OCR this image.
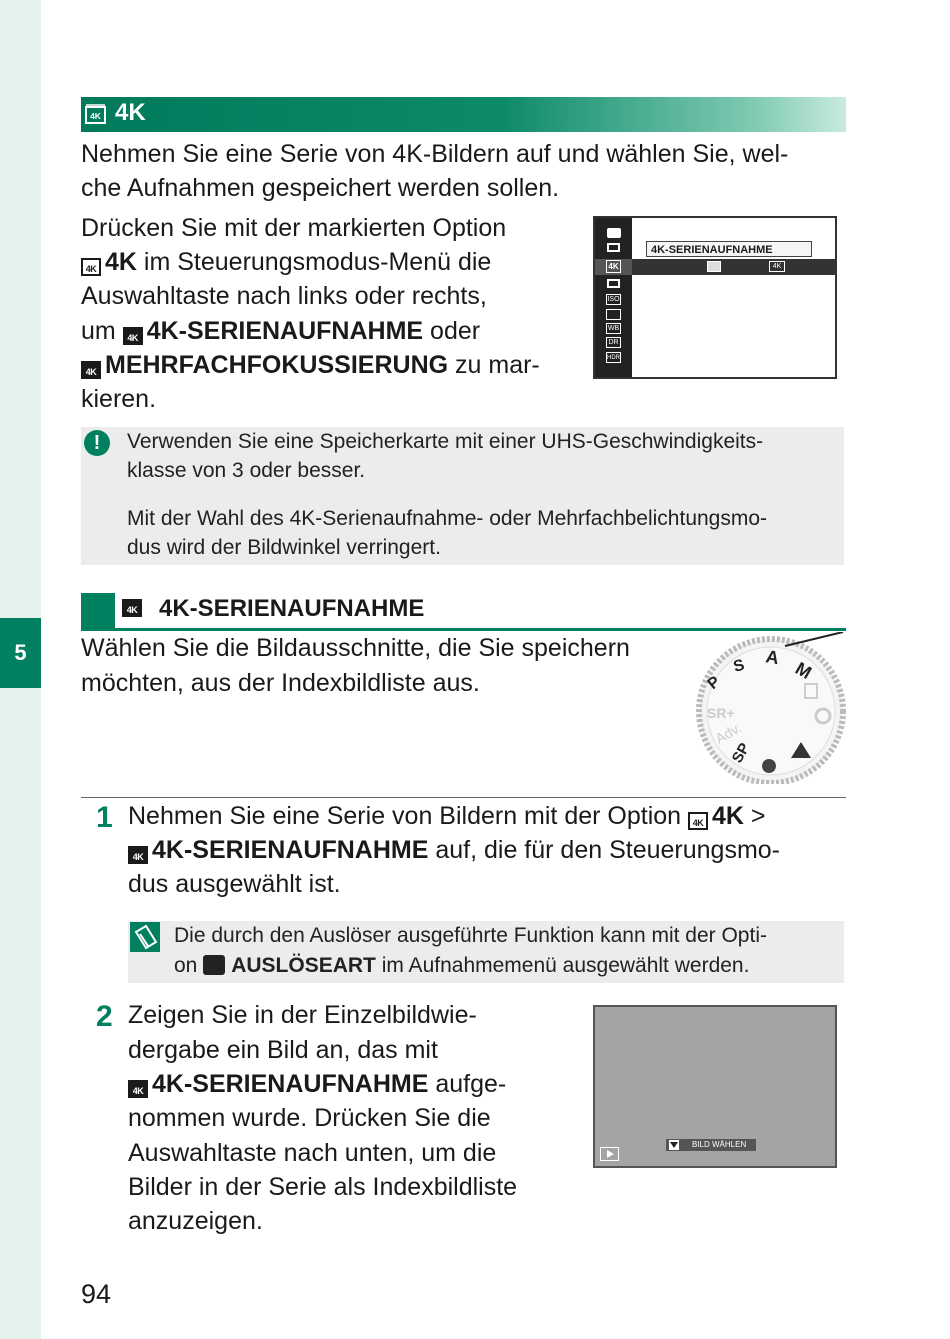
5
4K 4K

Nehmen Sie eine Serie von 4K-Bildern auf und wählen Sie, wel-

che Aufnahmen gespeichert werden sollen.

Drücken Sie mit der markierten Option

4K 4K im Steuerungsmodus-Menü die

Auswahltaste nach links oder rechts,

um 4K 4K-SERIENAUFNAHME oder

4K MEHRFACHFOKUSSIERUNG zu mar-

kieren.

4K
ISO
WB
DR
HDR
4K-SERIENAUFNAHME
4K
!	Verwenden Sie eine Speicherkarte mit einer UHS-Geschwindigkeits-

klasse von 3 oder besser.

Mit der Wahl des 4K-Serienaufnahme- oder Mehrfachbelichtungsmo-

dus wird der Bildwinkel verringert.

4K 4K-SERIENAUFNAHME

Wählen Sie die Bildausschnitte, die Sie speichern

möchten, aus der Indexbildliste aus.	M
A
S
P
SR+
Adv.
SP
1 Nehmen Sie eine Serie von Bildern mit der Option 4K 4K >

4K 4K-SERIENAUFNAHME auf, die für den Steuerungsmo-

dus ausgewählt ist.

Die durch den Auslöser ausgeführte Funktion kann mit der Opti-

on AUSLÖSEART im Aufnahmemenü ausgewählt werden.

2 Zeigen Sie in der Einzelbildwie-

dergabe ein Bild an, das mit

4K 4K-SERIENAUFNAHME aufge-

nommen wurde. Drücken Sie die

Auswahltaste nach unten, um die

Bilder in der Serie als Indexbildliste

anzuzeigen.

BILD WÄHLEN
94
